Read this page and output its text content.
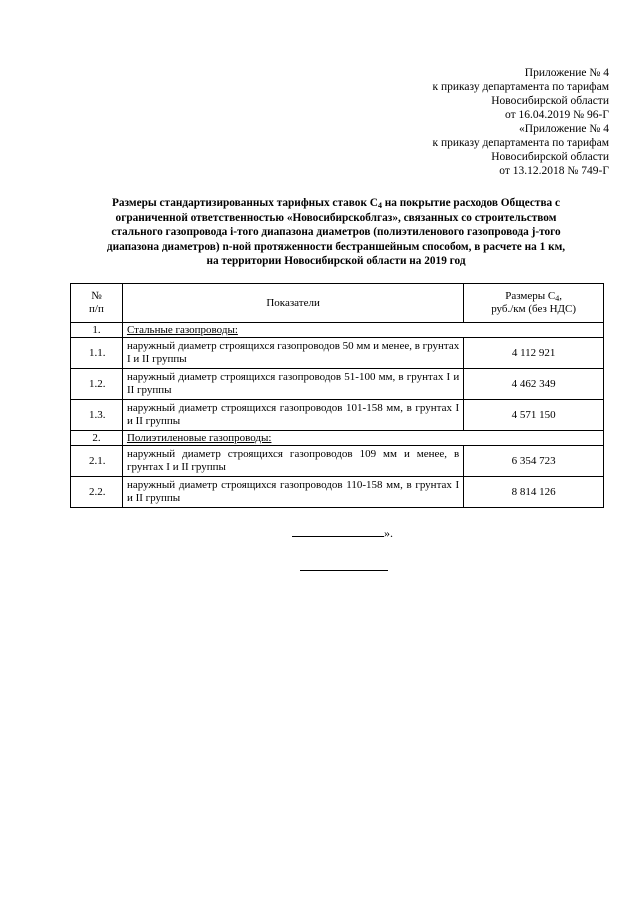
Приложение № 4
к приказу департамента по тарифам
Новосибирской области
от 16.04.2019 № 96-Г
«Приложение № 4
к приказу департамента по тарифам
Новосибирской области
от 13.12.2018 № 749-Г
Размеры стандартизированных тарифных ставок $С_4$ на покрытие расходов Общества с
ограниченной ответственностью «Новосибирскоблгаз», связанных со строительством
стального газопровода i-того диапазона диаметров (полиэтиленового газопровода j-того
диапазона диаметров) n-ной протяженности бестраншейным способом, в расчете на 1 км,
на территории Новосибирской области на 2019 год
№
п/п	Показатели	Размеры $С_4$,
руб./км (без НДС)
1.	Стальные газопроводы:	
1.1.	наружный диаметр строящихся газопроводов 50 мм и менее, в грунтах I и II группы	4 112 921
1.2.	наружный диаметр строящихся газопроводов 51-100 мм, в грунтах I и II группы	4 462 349
1.3.	наружный диаметр строящихся газопроводов 101-158 мм, в грунтах I и II группы	4 571 150
2.	Полиэтиленовые газопроводы:	
2.1.	наружный диаметр строящихся газопроводов 109 мм и менее, в грунтах I и II группы	6 354 723
2.2.	наружный диаметр строящихся газопроводов 110-158 мм, в грунтах I и II группы	8 814 126
».
